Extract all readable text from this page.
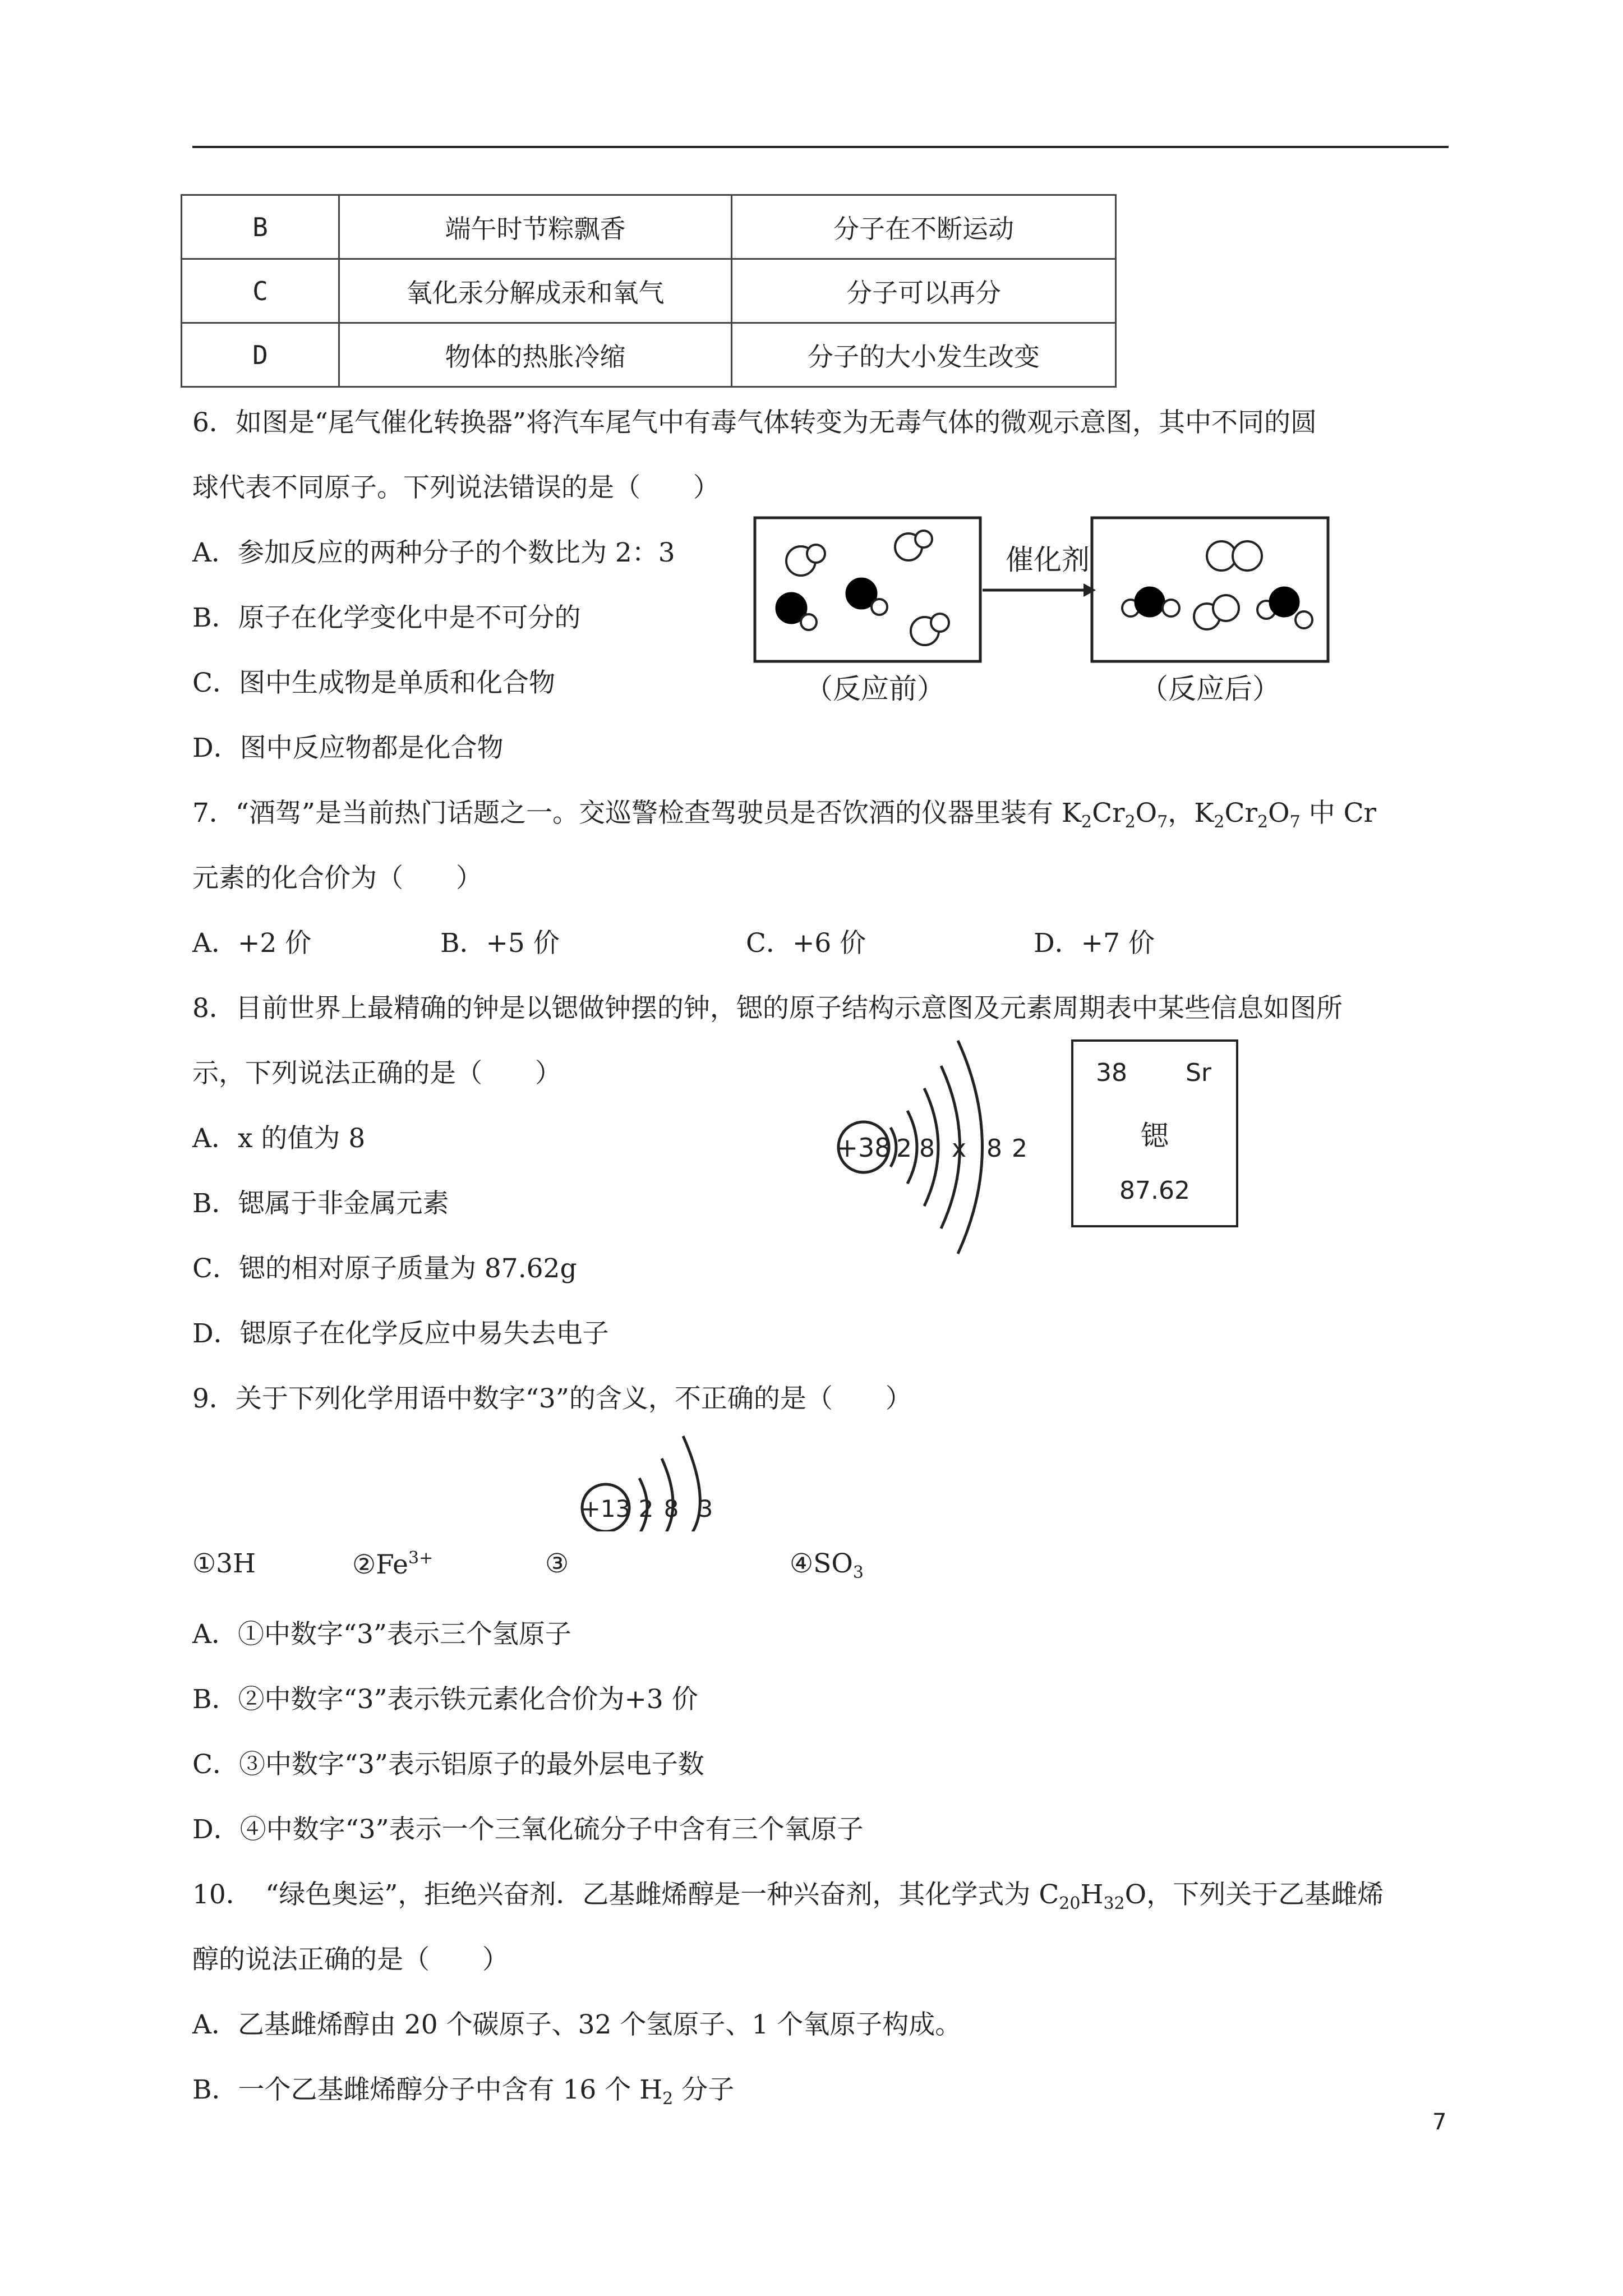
B	端午时节粽飘香	分子在不断运动
C	氧化汞分解成汞和氧气	分子可以再分
D	物体的热胀冷缩	分子的大小发生改变
6．如图是“尾气催化转换器”将汽车尾气中有毒气体转变为无毒气体的微观示意图，其中不同的圆
球代表不同原子。下列说法错误的是（　　）
A．参加反应的两种分子的个数比为 2：3
B．原子在化学变化中是不可分的
C．图中生成物是单质和化合物
D．图中反应物都是化合物
催化剂
（反应前）	（反应后）
7．“酒驾”是当前热门话题之一。交巡警检查驾驶员是否饮酒的仪器里装有 $K_2Cr_2O_7$，$K_2Cr_2O_7$ 中 Cr
元素的化合价为（　　）
A．+2 价	B．+5 价	C．+6 价	D．+7 价
8．目前世界上最精确的钟是以锶做钟摆的钟，锶的原子结构示意图及元素周期表中某些信息如图所
示，下列说法正确的是（　　）
A．x 的值为 8
B．锶属于非金属元素
C．锶的相对原子质量为 87.62g
D．锶原子在化学反应中易失去电子
+38 2 8 x 8 2
38 Sr
锶
87.62
9．关于下列化学用语中数字“3”的含义，不正确的是（　　）
+13 2 8 3
①3H	$②Fe^{3+}$	③	$④SO_3$
A．①中数字“3”表示三个氢原子
B．②中数字“3”表示铁元素化合价为+3 价
C．③中数字“3”表示铝原子的最外层电子数
D．④中数字“3”表示一个三氧化硫分子中含有三个氧原子
10．　“绿色奥运”，拒绝兴奋剂．乙基雌烯醇是一种兴奋剂，其化学式为 $C_{20}H_{32}O$，下列关于乙基雌烯
醇的说法正确的是（　　）
A．乙基雌烯醇由 20 个碳原子、32 个氢原子、1 个氧原子构成。
B．一个乙基雌烯醇分子中含有 16 个 $H_2$ 分子
7
